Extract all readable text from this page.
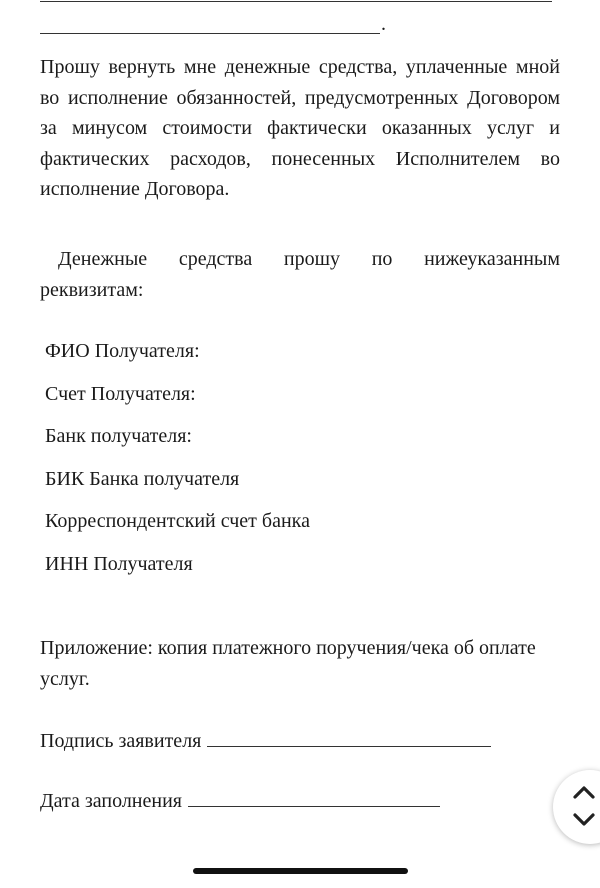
.

Прошу вернуть мне денежные средства, уплаченные мной во исполнение обязанностей, предусмотренных Договором за минусом стоимости фактически оказанных услуг и фактических расходов, понесенных Исполнителем во исполнение Договора.

Денежные средства прошу по нижеуказанным реквизитам:

ФИО Получателя:
Счет Получателя:
Банк получателя:
БИК Банка получателя
Корреспондентский счет банка
ИНН Получателя

Приложение: копия платежного поручения/чека об оплате услуг.

Подпись заявителя
Дата заполнения
